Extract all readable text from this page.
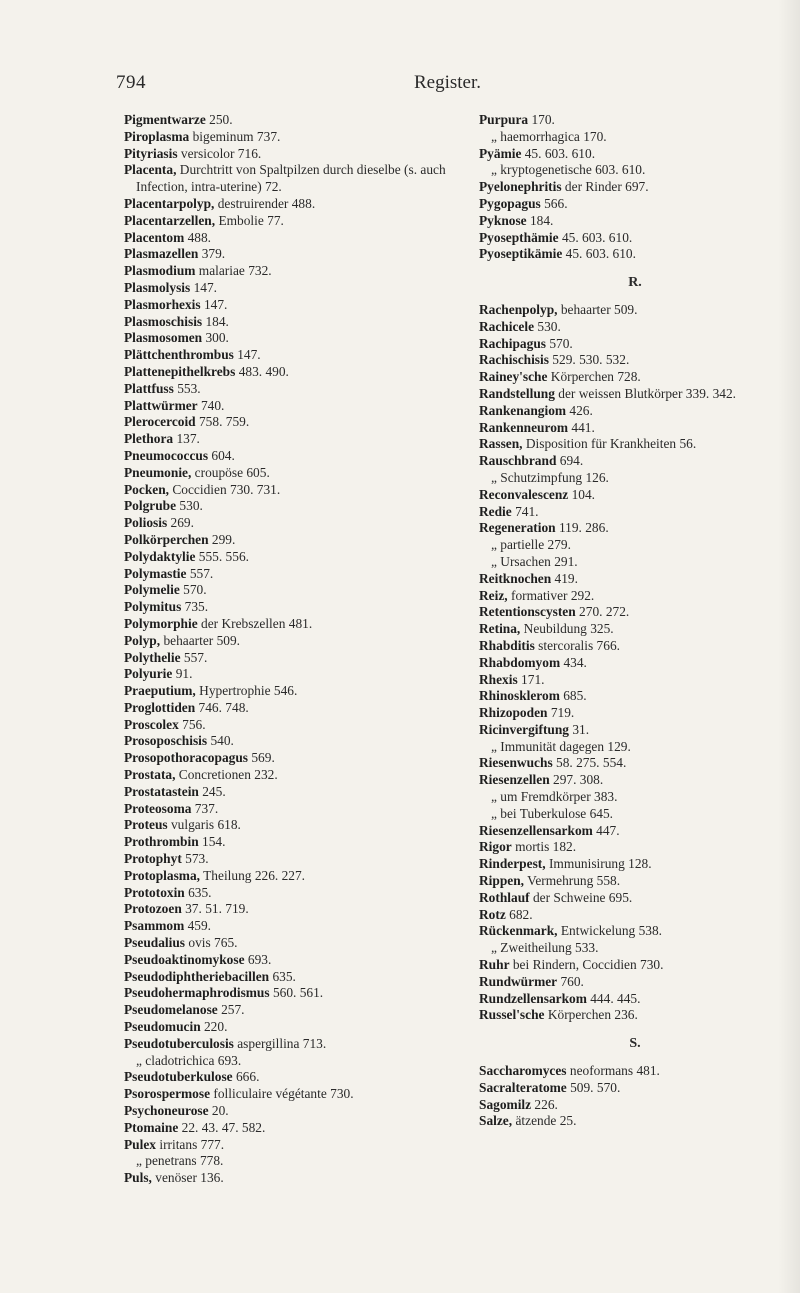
794	Register.
Pigmentwarze 250.
Piroplasma bigeminum 737.
Pityriasis versicolor 716.
Placenta, Durchtritt von Spaltpilzen durch dieselbe (s. auch Infection, intra-uterine) 72.
Placentarpolyp, destruirender 488.
Placentarzellen, Embolie 77.
Placentom 488.
Plasmazellen 379.
Plasmodium malariae 732.
Plasmolysis 147.
Plasmorhexis 147.
Plasmoschisis 184.
Plasmosomen 300.
Plättchenthrombus 147.
Plattenepithelkrebs 483. 490.
Plattfuss 553.
Plattwürmer 740.
Plerocercoid 758. 759.
Plethora 137.
Pneumococcus 604.
Pneumonie, croupöse 605.
Pocken, Coccidien 730. 731.
Polgrube 530.
Poliosis 269.
Polkörperchen 299.
Polydaktylie 555. 556.
Polymastie 557.
Polymelie 570.
Polymitus 735.
Polymorphie der Krebszellen 481.
Polyp, behaarter 509.
Polythelie 557.
Polyurie 91.
Praeputium, Hypertrophie 546.
Proglottiden 746. 748.
Proscolex 756.
Prosoposchisis 540.
Prosopothoracopagus 569.
Prostata, Concretionen 232.
Prostatastein 245.
Proteosoma 737.
Proteus vulgaris 618.
Prothrombin 154.
Protophyt 573.
Protoplasma, Theilung 226. 227.
Prototoxin 635.
Protozoen 37. 51. 719.
Psammom 459.
Pseudalius ovis 765.
Pseudoaktinomykose 693.
Pseudodiphtheriebacillen 635.
Pseudohermaphrodismus 560. 561.
Pseudomelanose 257.
Pseudomucin 220.
Pseudotuberculosis aspergillina 713.
„ cladotrichica 693.
Pseudotuberkulose 666.
Psorospermose folliculaire végétante 730.
Psychoneurose 20.
Ptomaine 22. 43. 47. 582.
Pulex irritans 777.
„ penetrans 778.
Puls, venöser 136.
Purpura 170.
„ haemorrhagica 170.
Pyämie 45. 603. 610.
„ kryptogenetische 603. 610.
Pyelonephritis der Rinder 697.
Pygopagus 566.
Pyknose 184.
Pyosepthämie 45. 603. 610.
Pyoseptikämie 45. 603. 610.
R.
Rachenpolyp, behaarter 509.
Rachicele 530.
Rachipagus 570.
Rachischisis 529. 530. 532.
Rainey'sche Körperchen 728.
Randstellung der weissen Blutkörper 339. 342.
Rankenangiom 426.
Rankenneurom 441.
Rassen, Disposition für Krankheiten 56.
Rauschbrand 694.
„ Schutzimpfung 126.
Reconvalescenz 104.
Redie 741.
Regeneration 119. 286.
„ partielle 279.
„ Ursachen 291.
Reitknochen 419.
Reiz, formativer 292.
Retentionscysten 270. 272.
Retina, Neubildung 325.
Rhabditis stercoralis 766.
Rhabdomyom 434.
Rhexis 171.
Rhinosklerom 685.
Rhizopoden 719.
Ricinvergiftung 31.
„ Immunität dagegen 129.
Riesenwuchs 58. 275. 554.
Riesenzellen 297. 308.
„ um Fremdkörper 383.
„ bei Tuberkulose 645.
Riesenzellensarkom 447.
Rigor mortis 182.
Rinderpest, Immunisirung 128.
Rippen, Vermehrung 558.
Rothlauf der Schweine 695.
Rotz 682.
Rückenmark, Entwickelung 538.
„ Zweitheilung 533.
Ruhr bei Rindern, Coccidien 730.
Rundwürmer 760.
Rundzellensarkom 444. 445.
Russel'sche Körperchen 236.
S.
Saccharomyces neoformans 481.
Sacralteratome 509. 570.
Sagomilz 226.
Salze, ätzende 25.
